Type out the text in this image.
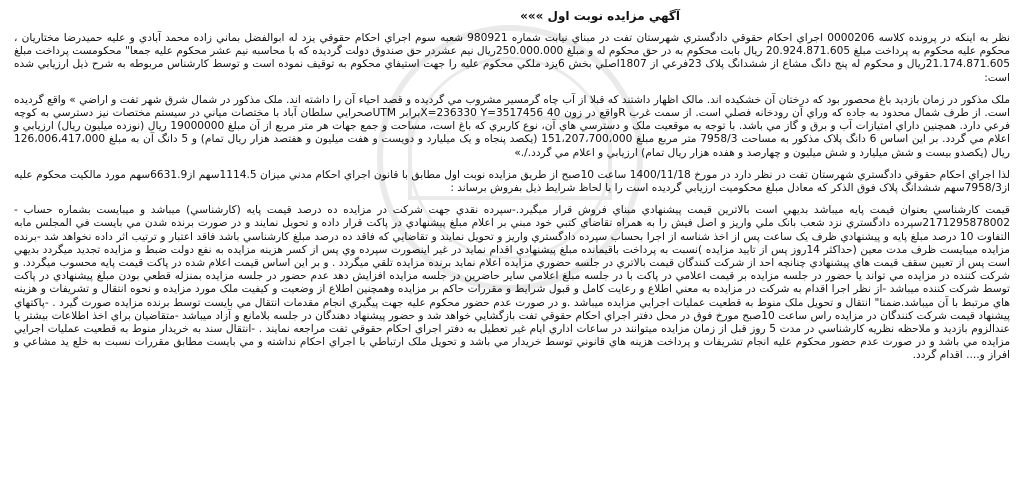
آگهي مزايده نوبت اول »»»

نظر به اينکه در پرونده کلاسه 0000206 اجراي احکام حقوقي دادگستري شهرستان تفت در مبناي نيابت شماره 980921 شعبه سوم اجراي احکام حقوقي يزد له ابوالفضل بماني زاده محمد آبادي و عليه حميدرضا مختاريان ، محکوم عليه محکوم به پرداخت مبلغ 20.924.871.605 ريال بابت محکوم به در حق محکوم له و مبلغ 250.000.000ريال نيم عشردر حق صندوق دولت گرديده که با محاسبه نيم عشر محکوم عليه جمعا" محکومست پرداخت مبلغ 21.174.871.605ريال و محکوم له پنج دانگ مشاع از ششدانگ پلاک 23فرعي از 1807اصلي بخش 6يزد ملکي محکوم عليه را جهت استيفاي محکوم به توقيف نموده است و توسط کارشناس مربوطه به شرح ذيل ارزيابي شده است:

ملک مذکور در زمان بازديد باغ محصور بود که درختان آن خشکيده اند. مالک اظهار داشتند که قبلا از آب چاه گرمسير مشروب مي گرديده و قصد احياء آن را داشته اند. ملک مذکور در شمال شرق شهر تفت و اراضي » واقع گرديده است. از طرف شمال محدود به جاده که وراي آن رودخانه فصلي است. از سمت غرب Rواقع در زون 40 X=236330 Y=3517456برابر UTMصحرايي سلطان آباد با مختصات مياني در سيستم مختصات نيز دسترسي به کوچه فرعي دارد. همچنين داراي امتيازات آب و برق و گاز مي باشد. با توجه به موقعيت ملک و دسترسي هاي آن، نوع کاربري که باغ است، مساحت و جمع جهات هر متر مربع از آن مبلغ 19000000 ريال (نوزده ميليون ريال) ارزيابي و اعلام مي گردد. بر اين اساس 6 دانگ پلاک مذکور به مساحت 7958/3 متر مربع مبلغ 151،207،700،000 (يکصد پنجاه و يک ميليارد و دويست و هفت ميليون و هفتصد هزار ريال تمام) و 5 دانگ آن به مبلغ 126،006،417،000 ريال (يکصدو بيست و شش ميليارد و شش ميليون و چهارصد و هفده هزار ريال تمام) ارزيابي و اعلام مي گردد./.»

لذا اجراي احکام حقوقي دادگستري شهرستان تفت در نظر دارد در مورخ 1400/11/18 ساعت 10صبح از طريق مزايده نوبت اول مطابق با قانون اجراي احکام مدني ميزان 1114.5سهم از6631.9سهم مورد مالکيت محکوم عليه از7958/3سهم ششدانگ پلاک فوق الذکر که معادل مبلغ محکوميت ارزيابي گرديده است را با لحاظ شرايط ذيل بفروش برساند :

قيمت کارشناسي بعنوان قيمت پايه ميباشد بديهي است بالاترين قيمت پيشنهادي مبناي فروش قرار ميگيرد.-سپرده نقدي جهت شرکت در مزايده ده درصد قيمت پايه (کارشناسي) ميباشد و ميبايست بشماره حساب - 2171295878002سپرده دادگستري نزد شعب بانک ملي واريز و اصل فيش را به همراه تقاضاي کتبي خود مبني بر اعلام مبلغ پيشنهادي در پاکت قرار داده و تحويل نمايند و در صورت برنده شدن مي بايست في المجلس مابه التفاوت 10 درصد مبلغ پايه و پيشنهادي ظرف يک ساعت پس از اخذ شناسه از اجرا بحساب سپرده دادگستري واريز و تحويل نمايند و تقاضايي که فاقد ده درصد مبلغ کارشناسي باشد فاقد اعتبار و ترتيب اثر داده نخواهد شد -برنده مزايده ميبايست ظرف مدت معين (حداکثر 14روز پس از تاييد مزايده )نسبت به پرداخت باقيمانده مبلغ پيشنهادي اقدام نمايد در غير اينصورت سپرده وي پس از کسر هزينه مزايده به نفع دولت ضبط و مزايده تجديد ميگردد بديهي است پس از تعيين سقف قيمت هاي پيشنهادي چنانچه احد از شرکت کنندگان قيمت بالاتري در جلسه حضوري مزايده اعلام نمايد برنده مزايده تلقي ميگردد . و بر اين اساس قيمت اعلام شده در پاکت قيمت پايه محسوب ميگردد. و شرکت کننده در مزايده مي تواند يا حضور در جلسه مزايده بر قيمت اعلامي در پاکت با در جلسه مبلغ اعلامي ساير حاضرين در جلسه مزايده افزايش دهد عدم حضور در جلسه مزايده بمنزله قطعي بودن مبلغ پيشنهادي در پاکت توسط شرکت کننده ميباشد -از نظر اجرا اقدام به شرکت در مزايده به معني اطلاع و رعايت کامل و قبول شرايط و مقررات حاکم بر مزايده وهمچنين اطلاع از وضعيت و کيفيت ملک مورد مزايده و نحوه انتقال و تشريفات و هزينه هاي مرتبط با آن ميباشد.ضمنا" انتقال و تحويل ملک منوط به قطعيت عمليات اجرايي مزايده ميباشد .و در صورت عدم حضور محکوم عليه جهت پيگيري انجام مقدمات انتقال مي بايست توسط برنده مزايده صورت گيرد . -پاکتهاي پيشنهاد قيمت شرکت کنندگان در مزايده راس ساعت 10صبح مورخ فوق در محل دفتر اجراي احکام حقوقي تفت بازگشايي خواهد شد و حضور پيشنهاد دهندگان در جلسه بلامانع و آزاد ميباشد -متقاضيان براي اخذ اطلاعات بيشتر يا عندالزوم بازديد و ملاحظه نظريه کارشناسي در مدت 5 روز قبل از زمان مزايده ميتوانند در ساعات اداري ايام غير تعطيل به دفتر اجراي احکام حقوقي تفت مراجعه نمايند . -انتقال سند به خريدار منوط به قطعيت عمليات اجرايي مزايده مي باشد و در صورت عدم حضور محکوم عليه انجام تشريفات و پرداخت هزينه هاي قانوني توسط خريدار مي باشد و تحويل ملک ارتباطي با اجراي احکام نداشته و مي بايست مطابق مقررات نسبت به خلع يد مشاعي و افراز و.... اقدام گردد.
